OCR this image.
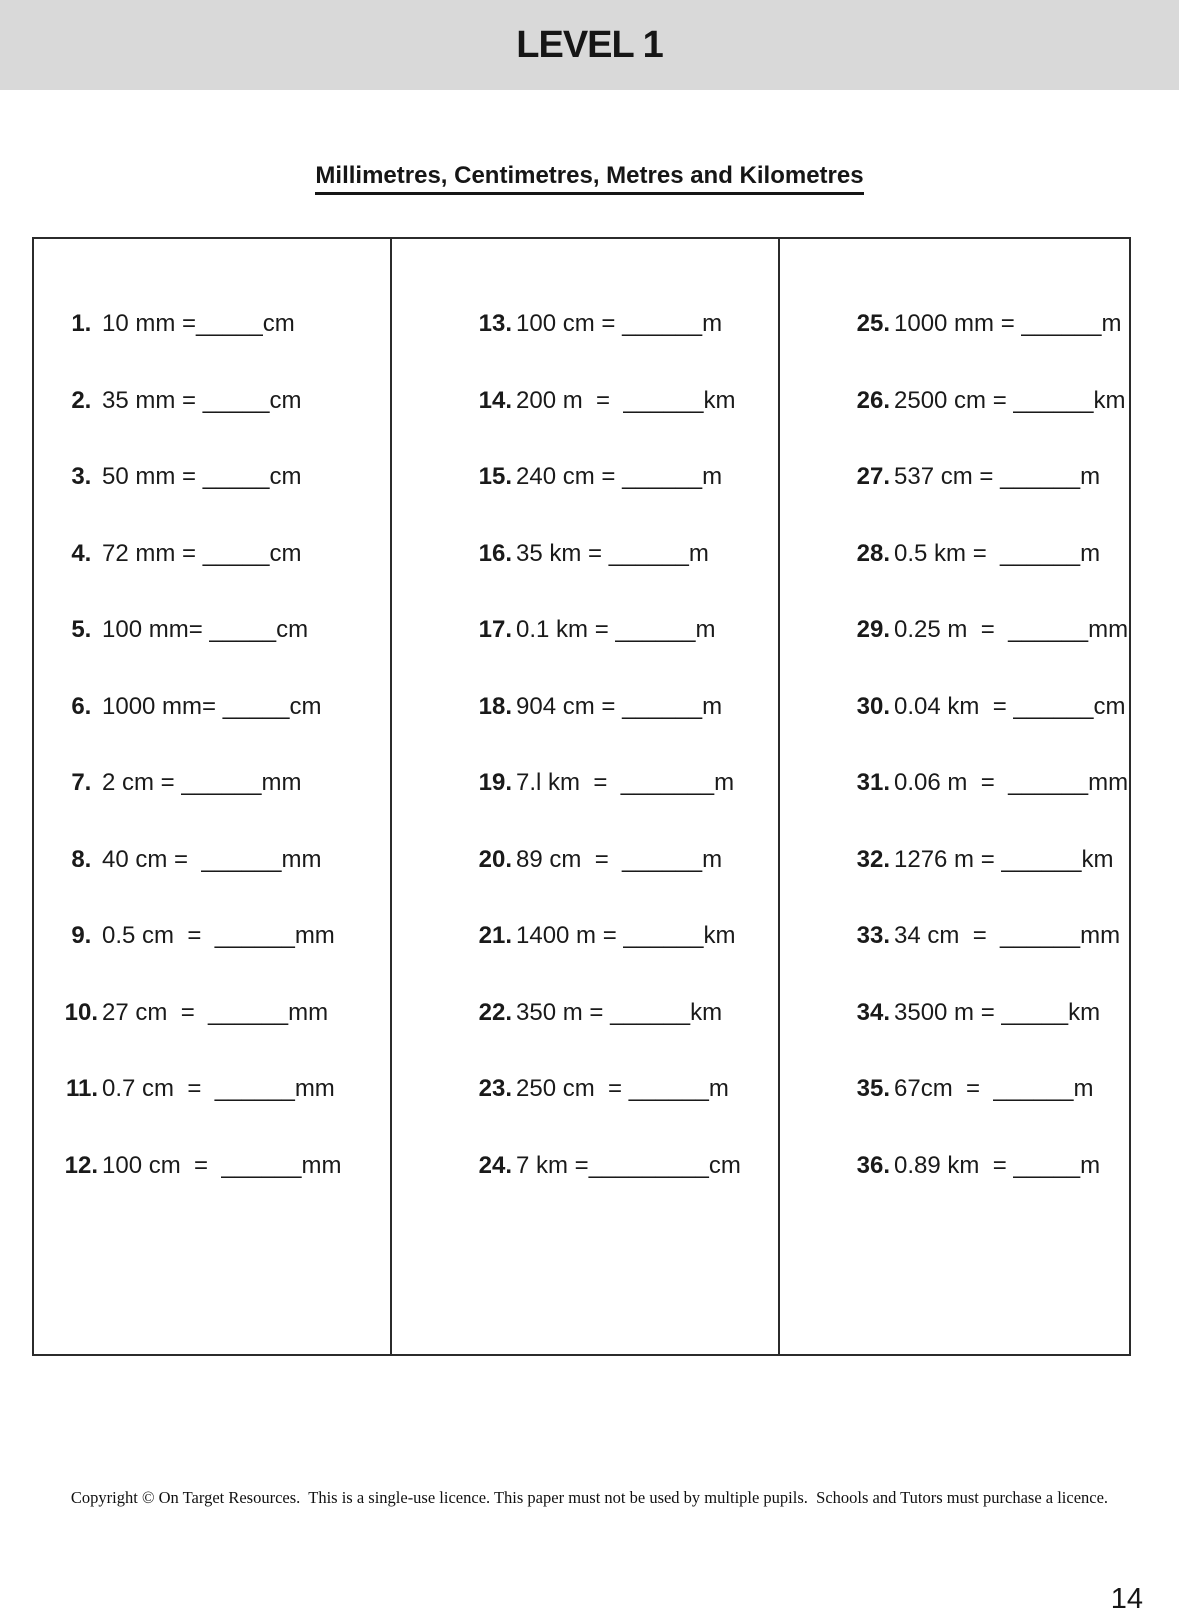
LEVEL 1
Millimetres, Centimetres, Metres and Kilometres
1. 10 mm =_____cm
2. 35 mm = _____cm
3. 50 mm = _____cm
4. 72 mm = _____cm
5. 100 mm= _____cm
6. 1000 mm= _____cm
7. 2 cm = ______mm
8. 40 cm =  ______mm
9. 0.5 cm  =  ______mm
10. 27 cm  =  ______mm
11. 0.7 cm  =  ______mm
12. 100 cm  =  ______mm
13. 100 cm = ______m
14. 200 m  =  ______km
15. 240 cm = ______m
16. 35 km = ______m
17. 0.1 km = ______m
18. 904 cm = ______m
19. 7.l km  =  _______m
20. 89 cm  =  ______m
21. 1400 m = ______km
22. 350 m = ______km
23. 250 cm  = ______m
24. 7 km =_________cm
25. 1000 mm = ______m
26. 2500 cm = ______km
27. 537 cm = ______m
28. 0.5 km =  ______m
29. 0.25 m  =  ______mm
30. 0.04 km  = ______cm
31. 0.06 m  =  ______mm
32. 1276 m = ______km
33. 34 cm  =  ______mm
34. 3500 m = _____km
35. 67cm  =  ______m
36. 0.89 km  = _____m
Copyright © On Target Resources.  This is a single-use licence. This paper must not be used by multiple pupils.  Schools and Tutors must purchase a licence.
14
